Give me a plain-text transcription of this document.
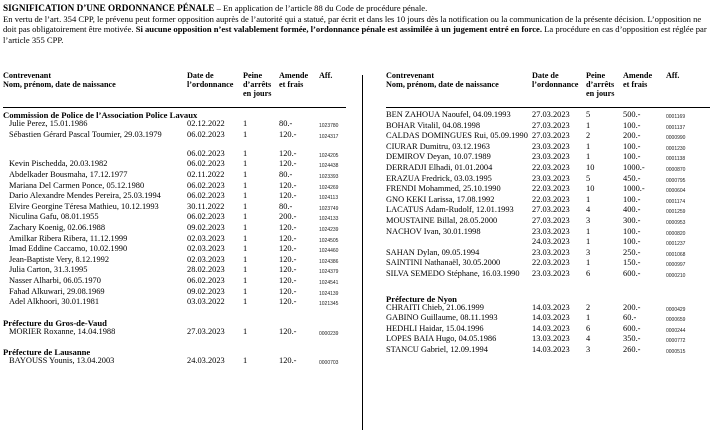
SIGNIFICATION D’UNE ORDONNANCE PÉNALE – En application de l’article 88 du Code de procédure pénale.
En vertu de l’art. 354 CPP, le prévenu peut former opposition auprès de l’autorité qui a statué, par écrit et dans les 10 jours dès la notification ou la communication de la présente décision. L’opposition ne doit pas obligatoirement être motivée. Si aucune opposition n’est valablement formée, l’ordonnance pénale est assimilée à un jugement entré en force. La procédure en cas d’opposition est réglée par l’article 355 CPP.
Contrevenant
Nom, prénom, date de naissance
Date de
l’ordonnance
Peine
d’arrêts
en jours
Amende
et frais
Aff.
Commission de Police de l’Association Police Lavaux
Julie Perez, 15.01.1986	02.12.2022 1	80.-	1023780
Sébastien Gérard Pascal Toumier, 29.03.1979	06.02.2023 1	120.-	1024317
06.02.2023 1	120.-	1024205
Kevin Pischedda, 20.03.1982	06.02.2023 1	120.-	1024438
Abdelkader Bousmaha, 17.12.1977	02.11.2022 1	80.-	1023393
Mariana Del Carmen Ponce, 05.12.1980	06.02.2023 1	120.-	1024269
Dario Alexandre Mendes Pereira, 25.03.1994	06.02.2023 1	120.-	1024113
Elvire Georgine Téresa Mathieu, 10.12.1993	30.11.2022 1	80.-	1023749
Niculina Gafu, 08.01.1955	06.02.2023 1	200.-	1024133
Zachary Koenig, 02.06.1988	09.02.2023 1	120.-	1024239
Amilkar Ribera Ribera, 11.12.1999	02.03.2023 1	120.-	1024505
Imad Eddine Caccamo, 10.02.1990	02.03.2023 1	120.-	1024460
Jean-Baptiste Very, 8.12.1992	02.03.2023 1	120.-	1024386
Julia Carton, 31.3.1995	28.02.2023 1	120.-	1024379
Nasser Alharbi, 06.05.1970	06.02.2023 1	120.-	1024541
Fahad Alkuwari, 29.08.1969	09.02.2023 1	120.-	1024139
Adel Alkhoori, 30.01.1981	03.03.2022 1	120.-	1021345
Préfecture du Gros-de-Vaud
MORIER Roxanne, 14.04.1988	27.03.2023 1	120.-	0000239
Préfecture de Lausanne
BAYOUSS Younis, 13.04.2003	24.03.2023 1	120.-	0000703
Contrevenant
Nom, prénom, date de naissance
Date de
l’ordonnance
Peine
d’arrêts
en jours
Amende
et frais
Aff.
BEN ZAHOUA Naoufel, 04.09.1993	27.03.2023 5	500.-	0001169
BOHAR Vitalil, 04.08.1998	27.03.2023 1	100.-	0001137
CALDAS DOMINGUES Rui, 05.09.1990 27.03.2023 2	200.-	0000990
CIURAR Dumitru, 03.12.1963	23.03.2023 1	100.-	0001230
DEMIROV Deyan, 10.07.1989	23.03.2023 1	100.-	0001138
DERRADJI Elhadi, 01.01.2004	22.03.2023 10	1000.-	0000870
ERAZUA Fredrick, 03.03.1995	23.03.2023 5	450.-	0000795
FRENDI Mohammed, 25.10.1990	22.03.2023 10	1000.-	0000604
GNO KEKI Larissa, 17.08.1992	22.03.2023 1	100.-	0001174
LACATUS Adam-Rudolf, 12.01.1993	27.03.2023 4	400.-	0001259
MOUSTAINE Billal, 28.05.2000	27.03.2023 3	300.-	0000953
NACHOV Ivan, 30.01.1998	23.03.2023 1	100.-	0000820
24.03.2023 1	100.-	0001237
SAHAN Dylan, 09.05.1994	23.03.2023 3	250.-	0001068
SAINTINI Nathanaël, 30.05.2000	22.03.2023 1	150.-	0000997
SILVA SEMEDO Stéphane, 16.03.1990	23.03.2023 6	600.-	0000210
Préfecture de Nyon
CHRAITI Chieb, 21.06.1999	14.03.2023 2	200.-	0000429
GABINO Guillaume, 08.11.1993	14.03.2023 1	60.-	0000659
HEDHLI Haidar, 15.04.1996	14.03.2023 6	600.-	0000244
LOPES BAIA Hugo, 04.05.1986	13.03.2023 4	350.-	0000772
STANCU Gabriel, 12.09.1994	14.03.2023 3	260.-	0000515
